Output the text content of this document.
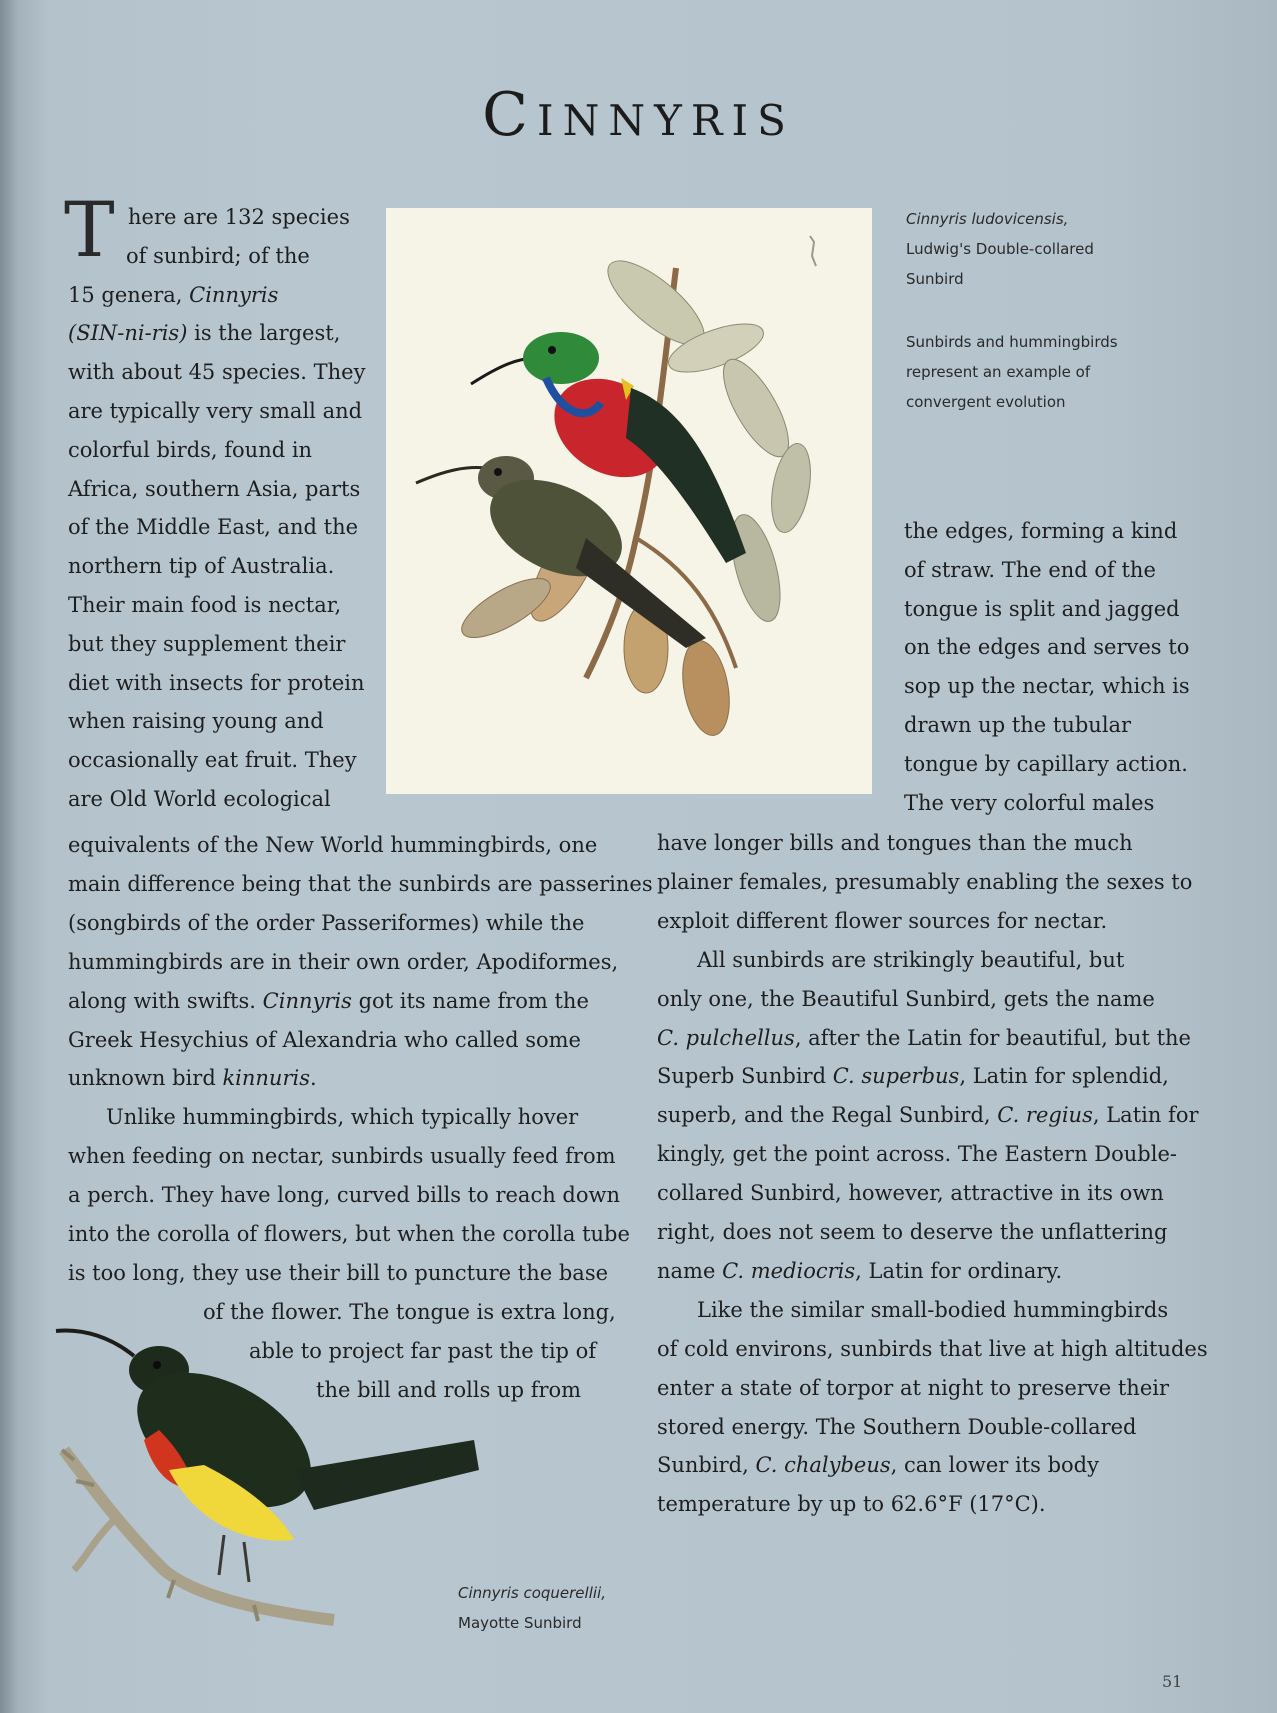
Cinnyris
T here are 132 species
of sunbird; of the
15 genera, Cinnyris
(SIN-ni-ris) is the largest,
with about 45 species. They
are typically very small and
colorful birds, found in
Africa, southern Asia, parts
of the Middle East, and the
northern tip of Australia.
Their main food is nectar,
but they supplement their
diet with insects for protein
when raising young and
occasionally eat fruit. They
are Old World ecological
equivalents of the New World hummingbirds, one
main difference being that the sunbirds are passerines
(songbirds of the order Passeriformes) while the
hummingbirds are in their own order, Apodiformes,
along with swifts. Cinnyris got its name from the
Greek Hesychius of Alexandria who called some
unknown bird kinnuris.
Unlike hummingbirds, which typically hover
when feeding on nectar, sunbirds usually feed from
a perch. They have long, curved bills to reach down
into the corolla of flowers, but when the corolla tube
is too long, they use their bill to puncture the base
of the flower. The tongue is extra long,
able to project far past the tip of
the bill and rolls up from
the edges, forming a kind
of straw. The end of the
tongue is split and jagged
on the edges and serves to
sop up the nectar, which is
drawn up the tubular
tongue by capillary action.
The very colorful males
have longer bills and tongues than the much
plainer females, presumably enabling the sexes to
exploit different flower sources for nectar.
All sunbirds are strikingly beautiful, but
only one, the Beautiful Sunbird, gets the name
C. pulchellus, after the Latin for beautiful, but the
Superb Sunbird C. superbus, Latin for splendid,
superb, and the Regal Sunbird, C. regius, Latin for
kingly, get the point across. The Eastern Double-
collared Sunbird, however, attractive in its own
right, does not seem to deserve the unflattering
name C. mediocris, Latin for ordinary.
Like the similar small-bodied hummingbirds
of cold environs, sunbirds that live at high altitudes
enter a state of torpor at night to preserve their
stored energy. The Southern Double-collared
Sunbird, C. chalybeus, can lower its body
temperature by up to 62.6°F (17°C).
Cinnyris ludovicensis,
Ludwig's Double-collared
Sunbird
Sunbirds and hummingbirds
represent an example of
convergent evolution
Cinnyris coquerellii,
Mayotte Sunbird
51
